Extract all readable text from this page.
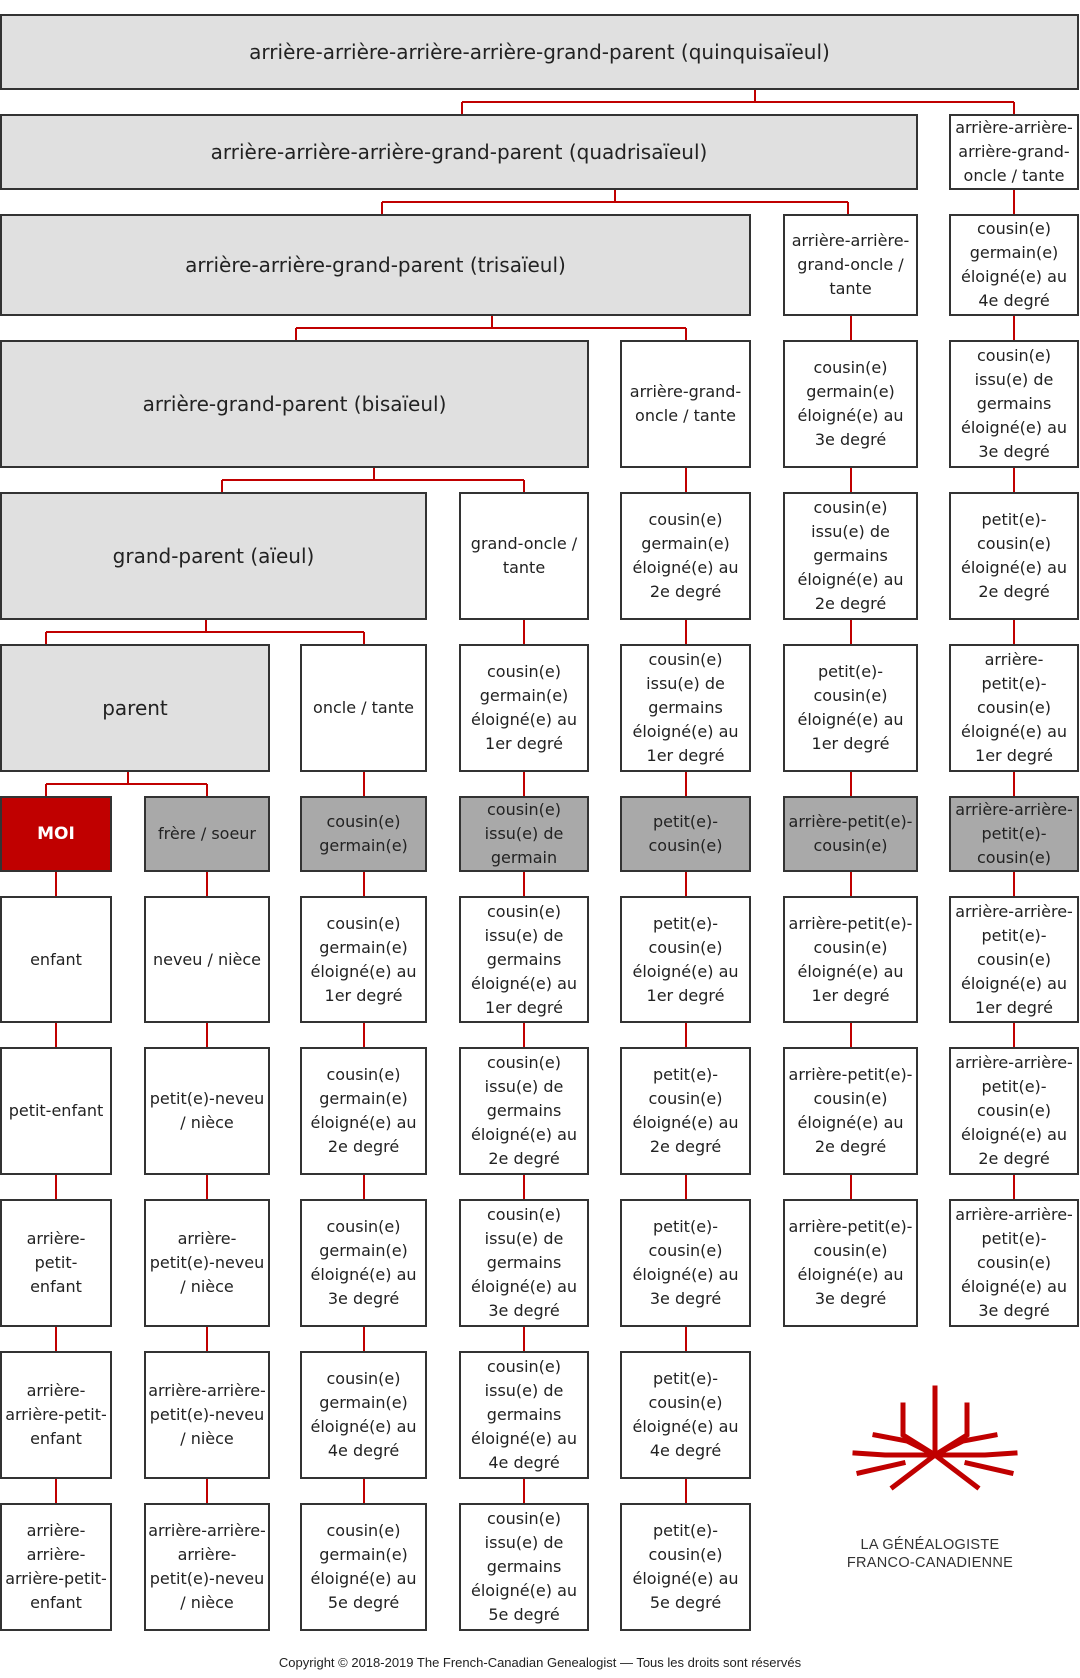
arrière-arrière-arrière-arrière-grand-parent (quinquisaïeul)
arrière-arrière-arrière-grand-parent (quadrisaïeul)
arrière-arrière-grand-parent (trisaïeul)
arrière-grand-parent (bisaïeul)
grand-parent (aïeul)
parent
arrière-arrière-
arrière-grand-
oncle / tante
arrière-arrière-
grand-oncle /
tante
arrière-grand-
oncle / tante
grand-oncle /
tante
oncle / tante
cousin(e)
germain(e)
éloigné(e) au
4e degré
cousin(e)
germain(e)
éloigné(e) au
3e degré
cousin(e)
issu(e) de
germains
éloigné(e) au
3e degré
cousin(e)
germain(e)
éloigné(e) au
2e degré
cousin(e)
issu(e) de
germains
éloigné(e) au
2e degré
petit(e)-
cousin(e)
éloigné(e) au
2e degré
cousin(e)
germain(e)
éloigné(e) au
1er degré
cousin(e)
issu(e) de
germains
éloigné(e) au
1er degré
petit(e)-
cousin(e)
éloigné(e) au
1er degré
arrière-petit(e)-
cousin(e)
éloigné(e) au
1er degré
MOI	frère / soeur
cousin(e)
germain(e)
cousin(e)
issu(e) de
germain
petit(e)-
cousin(e)
arrière-petit(e)-
cousin(e)
arrière-arrière-
petit(e)-
cousin(e)
enfant	neveu / nièce
cousin(e)
germain(e)
éloigné(e) au
1er degré
cousin(e)
issu(e) de
germains
éloigné(e) au
1er degré
petit(e)-
cousin(e)
éloigné(e) au
1er degré
arrière-petit(e)-
cousin(e)
éloigné(e) au
1er degré
arrière-arrière-
petit(e)-
cousin(e)
éloigné(e) au
1er degré
petit-enfant
petit(e)-neveu
/ nièce
cousin(e)
germain(e)
éloigné(e) au
2e degré
cousin(e)
issu(e) de
germains
éloigné(e) au
2e degré
petit(e)-
cousin(e)
éloigné(e) au
2e degré
arrière-petit(e)-
cousin(e)
éloigné(e) au
2e degré
arrière-arrière-
petit(e)-
cousin(e)
éloigné(e) au
2e degré
arrière- petit-
enfant
arrière-
petit(e)-neveu
/ nièce
cousin(e)
germain(e)
éloigné(e) au
3e degré
cousin(e)
issu(e) de
germains
éloigné(e) au
3e degré
petit(e)-
cousin(e)
éloigné(e) au
3e degré
arrière-petit(e)-
cousin(e)
éloigné(e) au
3e degré
arrière-arrière-
petit(e)-
cousin(e)
éloigné(e) au
3e degré
arrière-
arrière-petit-
enfant
arrière-arrière-
petit(e)-neveu
/ nièce
cousin(e)
germain(e)
éloigné(e) au
4e degré
cousin(e)
issu(e) de
germains
éloigné(e) au
4e degré
petit(e)-
cousin(e)
éloigné(e) au
4e degré
arrière-
arrière-
arrière-petit-
enfant
arrière-arrière-
arrière-
petit(e)-neveu
/ nièce
cousin(e)
germain(e)
éloigné(e) au
5e degré
cousin(e)
issu(e) de
germains
éloigné(e) au
5e degré
petit(e)-
cousin(e)
éloigné(e) au
5e degré
LA GÉNÉALOGISTE
FRANCO-CANADIENNE
Copyright © 2018-2019 The French-Canadian Genealogist — Tous les droits sont réservés
